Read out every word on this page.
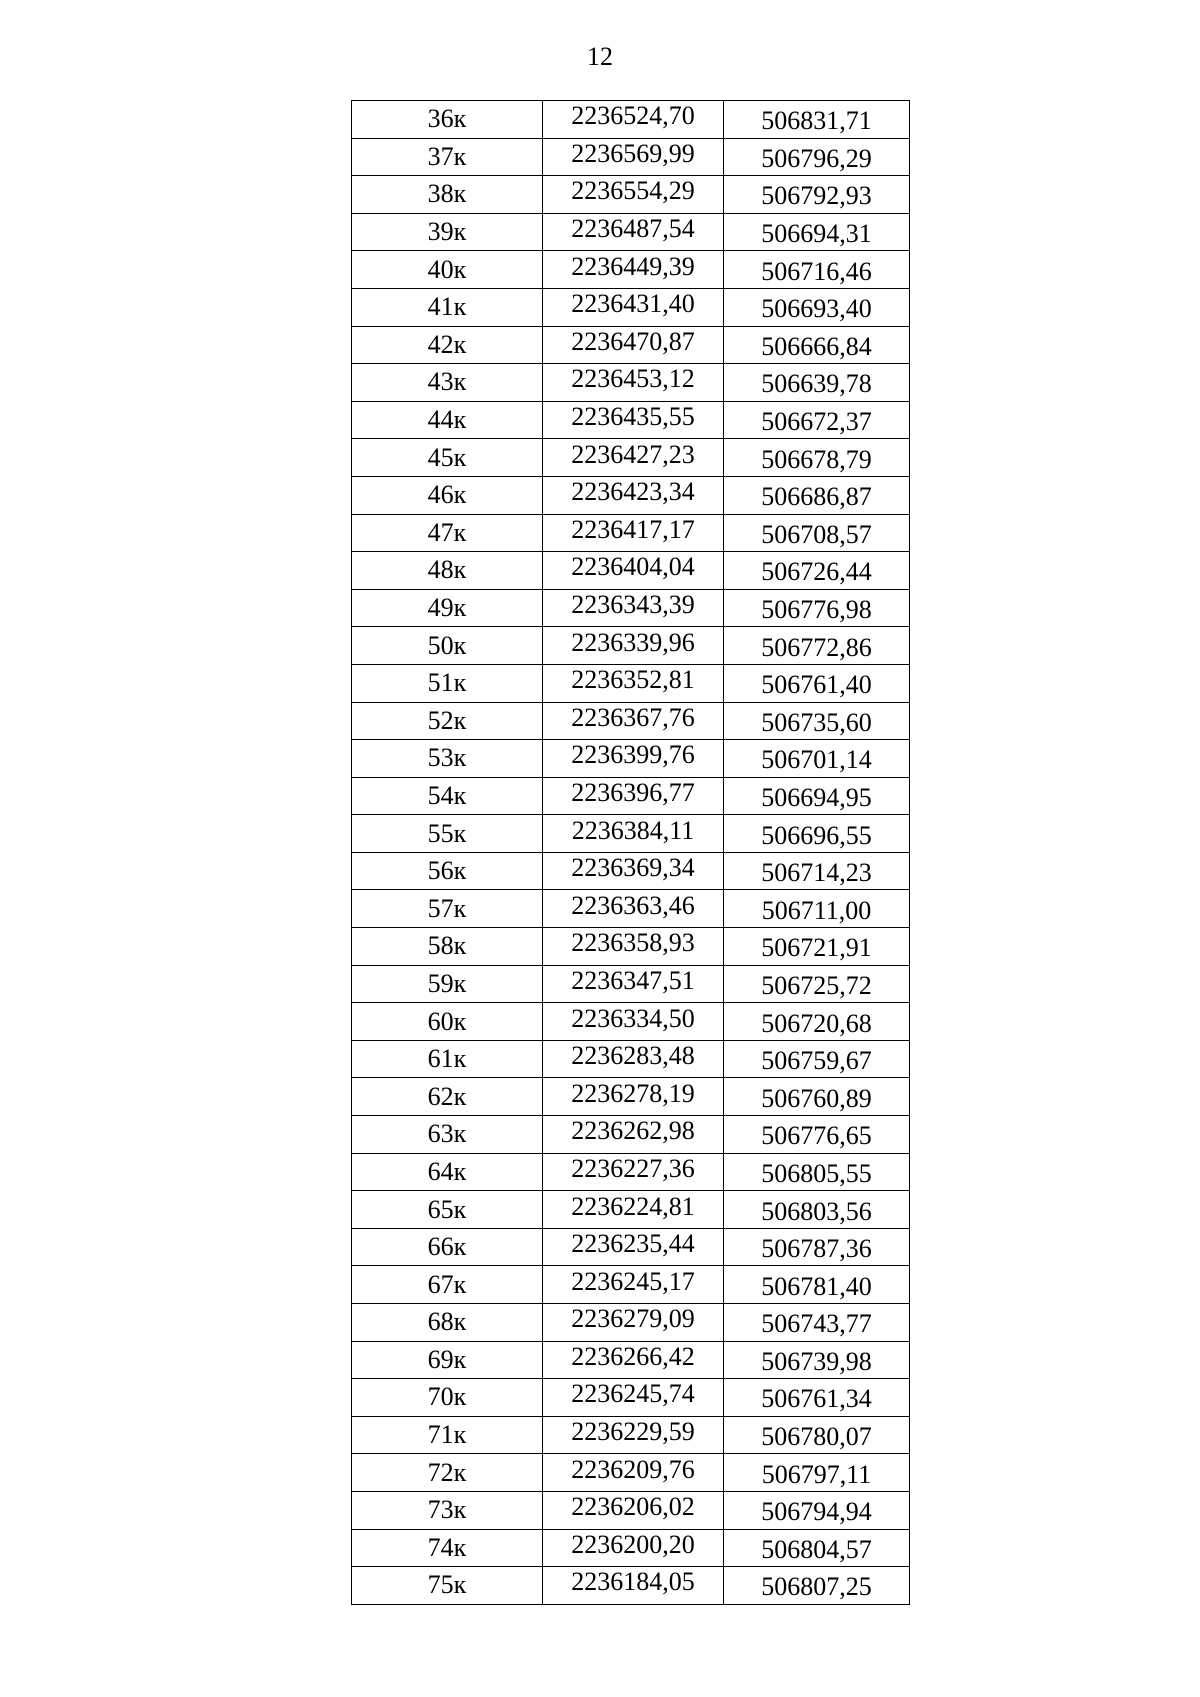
12
36к	2236524,70	506831,71
37к	2236569,99	506796,29
38к	2236554,29	506792,93
39к	2236487,54	506694,31
40к	2236449,39	506716,46
41к	2236431,40	506693,40
42к	2236470,87	506666,84
43к	2236453,12	506639,78
44к	2236435,55	506672,37
45к	2236427,23	506678,79
46к	2236423,34	506686,87
47к	2236417,17	506708,57
48к	2236404,04	506726,44
49к	2236343,39	506776,98
50к	2236339,96	506772,86
51к	2236352,81	506761,40
52к	2236367,76	506735,60
53к	2236399,76	506701,14
54к	2236396,77	506694,95
55к	2236384,11	506696,55
56к	2236369,34	506714,23
57к	2236363,46	506711,00
58к	2236358,93	506721,91
59к	2236347,51	506725,72
60к	2236334,50	506720,68
61к	2236283,48	506759,67
62к	2236278,19	506760,89
63к	2236262,98	506776,65
64к	2236227,36	506805,55
65к	2236224,81	506803,56
66к	2236235,44	506787,36
67к	2236245,17	506781,40
68к	2236279,09	506743,77
69к	2236266,42	506739,98
70к	2236245,74	506761,34
71к	2236229,59	506780,07
72к	2236209,76	506797,11
73к	2236206,02	506794,94
74к	2236200,20	506804,57
75к	2236184,05	506807,25
